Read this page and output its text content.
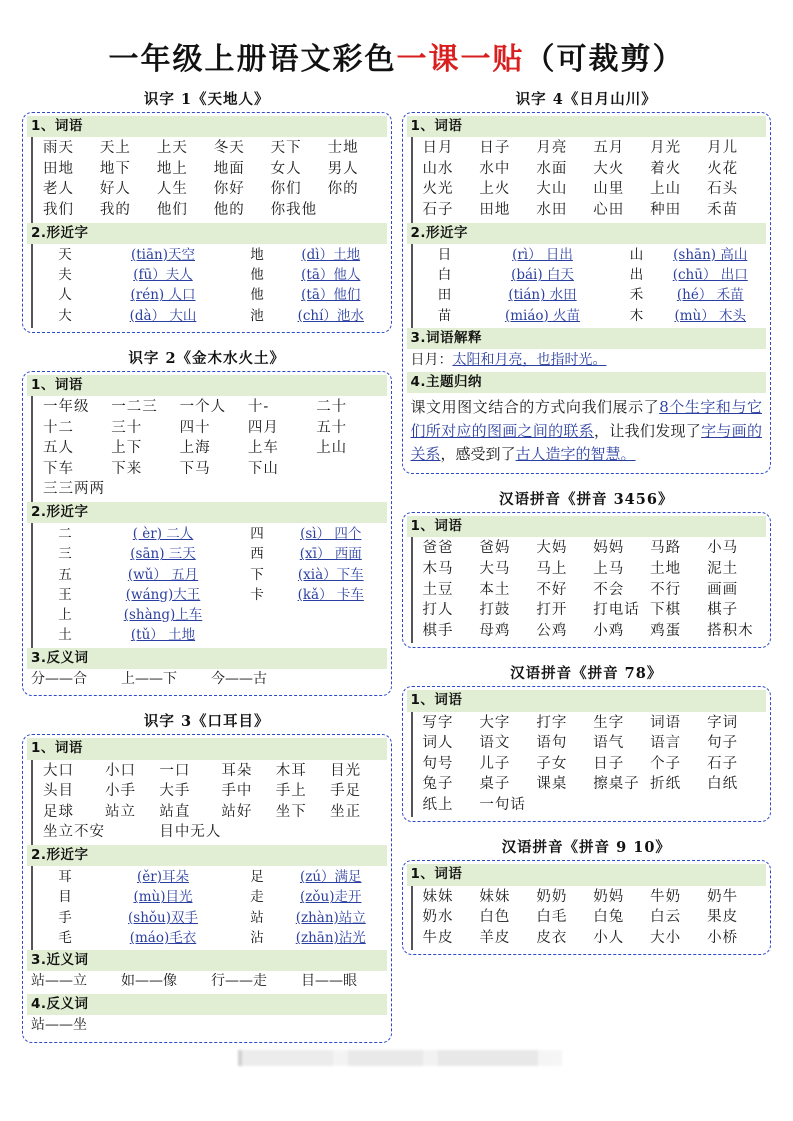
一年级上册语文彩色一课一贴（可裁剪）
识字 1《天地人》
1、词语
雨天	天上	上天	冬天	天下	士地
田地	地下	地上	地面	女人	男人
老人	好人	人生	你好	你们	你的
我们	我的	他们	他的	你我他
2.形近字
天	(tiān)天空	地	(dì）土地
夫	(fū）夫人	他	(tā）他人
人	(rén) 人口	他	(tā）他们
大	(dà） 大山	池	(chí）池水
识字 2《金木水火土》
1、词语
一年级	一二三	一个人	十-	二十
十二	三十	四十	四月	五十
五人	上下	上海	上车	上山
下车	下来	下马	下山
三三两两
2.形近字
二	( èr) 二人	四	(sì） 四个
三	(sān) 三天	西	(xī） 西面
五	(wǔ） 五月	下	(xià）下车
王	(wáng)大王	卡	(kǎ） 卡车
上	(shàng)上车
土	(tǔ） 土地
3.反义词
分——合 上——下 今——古
识字 3《口耳目》
1、词语
大口	小口	一口	耳朵	木耳	目光
头目	小手	大手	手中	手上	手足
足球	站立	站直	站好	坐下	坐正
坐立不安	目中无人
2.形近字
耳	(ěr)耳朵	足	(zú）满足
目	(mù)目光	走	(zǒu)走开
手	(shǒu)双手	站	(zhàn)站立
毛	(máo)毛衣	沾	(zhān)沾光
3.近义词
站——立 如——像 行——走 目——眼
4.反义词
站——坐
识字 4《日月山川》
1、词语
日月	日子	月亮	五月	月光	月儿
山水	水中	水面	大火	着火	火花
火光	上火	大山	山里	上山	石头
石子	田地	水田	心田	种田	禾苗
2.形近字
日	(rì） 日出	山	(shān) 高山
白	(bái) 白天	出	(chū） 出口
田	(tián) 水田	禾	(hé） 禾苗
苗	(miáo) 火苗	木	(mù） 木头
3.词语解释
日月：太阳和月亮，也指时光。
4.主题归纳
课文用图文结合的方式向我们展示了8个生字和与它们所对应的图画之间的联系，让我们发现了字与画的关系，感受到了古人造字的智慧。
汉语拼音《拼音 3456》
1、词语
爸爸	爸妈	大妈	妈妈	马路	小马
木马	大马	马上	上马	土地	泥土
土豆	本土	不好	不会	不行	画画
打人	打鼓	打开	打电话 下棋	棋子
棋手	母鸡	公鸡	小鸡	鸡蛋	搭积木
汉语拼音《拼音 78》
1、词语
写字	大字	打字	生字	词语	字词
词人	语文	语句	语气	语言	句子
句号	儿子	子女	日子	个子	石子
兔子	桌子	课桌	擦桌子 折纸	白纸
纸上	一句话
汉语拼音《拼音 9 10》
1、词语
妹妹	妹妹	奶奶	奶妈	牛奶	奶牛
奶水	白色	白毛	白兔	白云	果皮
牛皮	羊皮	皮衣	小人	大小	小桥
